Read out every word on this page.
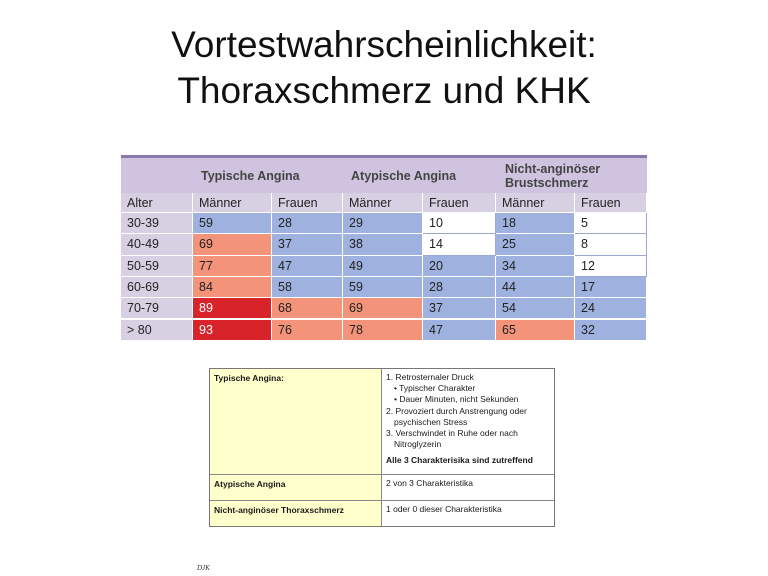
Vortestwahrscheinlichkeit:
Thoraxschmerz und KHK
Typische Angina	Atypische Angina	Nicht-anginöser
Brustschmerz
Alter	Männer	Frauen	Männer	Frauen	Männer	Frauen
30-39	59	28	29	10	18	5
40-49	69	37	38	14	25	8
50-59	77	47	49	20	34	12
60-69	84	58	59	28	44	17
70-79	89	68	69	37	54	24
> 80	93	76	78	47	65	32
Typische Angina:	1. Retrosternaler Druck
• Typischer Charakter
• Dauer Minuten, nicht Sekunden
2. Provoziert durch Anstrengung oder
psychischen Stress
3. Verschwindet in Ruhe oder nach
Nitroglyzerin
Alle 3 Charakterisika sind zutreffend
Atypische Angina	2 von 3 Charakteristika
Nicht-anginöser Thoraxschmerz	1 oder 0 dieser Charakteristika
DJK
